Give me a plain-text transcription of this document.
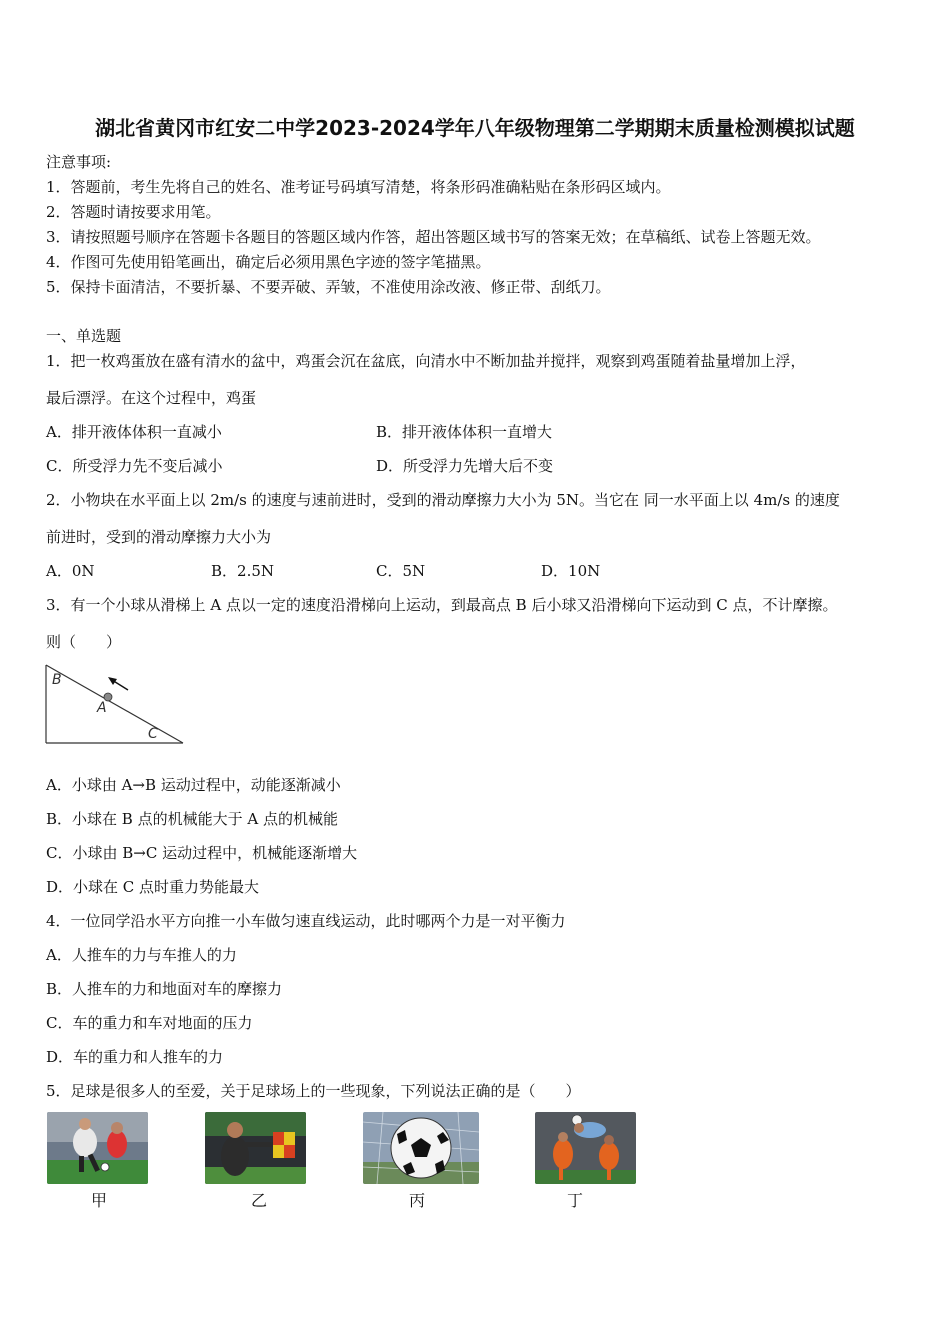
湖北省黄冈市红安二中学2023-2024学年八年级物理第二学期期末质量检测模拟试题
注意事项:
1．答题前，考生先将自己的姓名、准考证号码填写清楚，将条形码准确粘贴在条形码区域内。
2．答题时请按要求用笔。
3．请按照题号顺序在答题卡各题目的答题区域内作答，超出答题区域书写的答案无效；在草稿纸、试卷上答题无效。
4．作图可先使用铅笔画出，确定后必须用黑色字迹的签字笔描黑。
5．保持卡面清洁，不要折暴、不要弄破、弄皱，不准使用涂改液、修正带、刮纸刀。
一、单选题
1．把一枚鸡蛋放在盛有清水的盆中，鸡蛋会沉在盆底，向清水中不断加盐并搅拌，观察到鸡蛋随着盐量增加上浮，
最后漂浮。在这个过程中，鸡蛋
A．排开液体体积一直减小	B．排开液体体积一直增大
C．所受浮力先不变后减小	D．所受浮力先增大后不变
2．小物块在水平面上以 2m/s 的速度与速前进时，受到的滑动摩擦力大小为 5N。当它在 同一水平面上以 4m/s 的速度
前进时，受到的滑动摩擦力大小为
A．0N	B．2.5N	C．5N	D．10N
3．有一个小球从滑梯上 A 点以一定的速度沿滑梯向上运动，到最高点 B 后小球又沿滑梯向下运动到 C 点，不计摩擦。
则（　　）
B
A
C
A．小球由 A→B 运动过程中，动能逐渐减小
B．小球在 B 点的机械能大于 A 点的机械能
C．小球由 B→C 运动过程中，机械能逐渐增大
D．小球在 C 点时重力势能最大
4．一位同学沿水平方向推一小车做匀速直线运动，此时哪两个力是一对平衡力
A．人推车的力与车推人的力
B．人推车的力和地面对车的摩擦力
C．车的重力和车对地面的压力
D．车的重力和人推车的力
5．足球是很多人的至爱，关于足球场上的一些现象，下列说法正确的是（　　）
甲	乙	丙	丁
